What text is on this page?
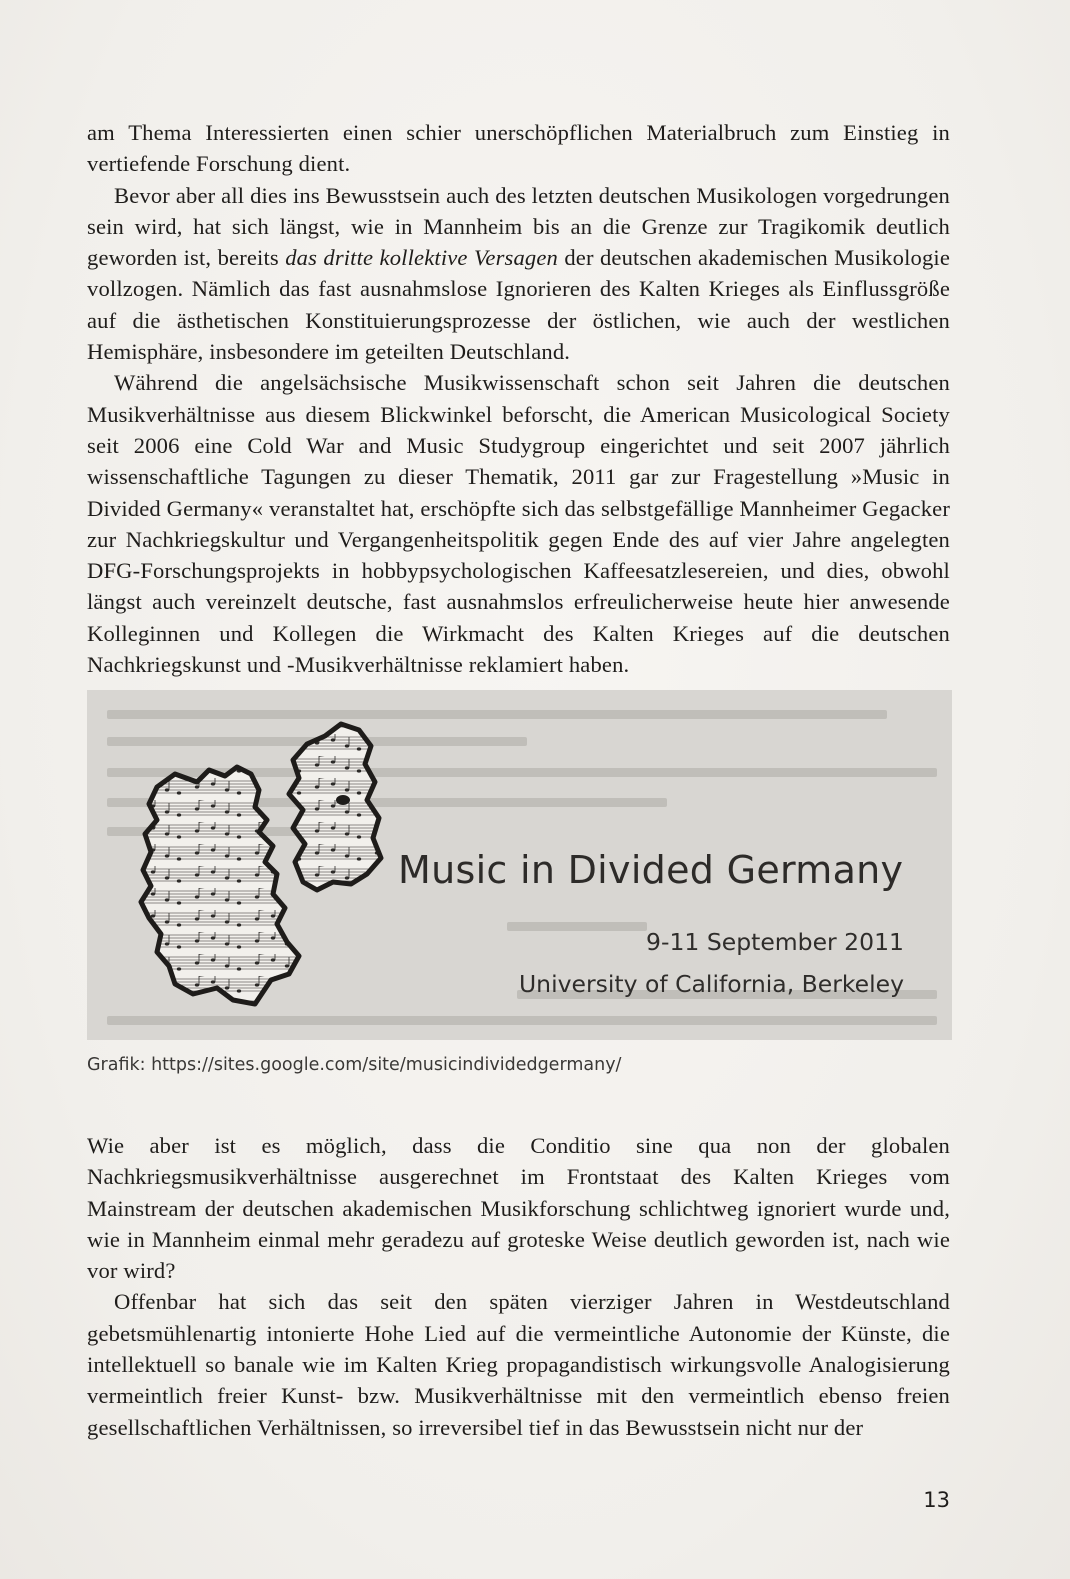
am Thema Interessierten einen schier unerschöpflichen Materialbruch zum Einstieg in vertiefende Forschung dient.

Bevor aber all dies ins Bewusstsein auch des letzten deutschen Musikologen vorgedrungen sein wird, hat sich längst, wie in Mannheim bis an die Grenze zur Tragikomik deutlich geworden ist, bereits das dritte kollektive Versagen der deutschen akademischen Musikologie vollzogen. Nämlich das fast ausnahmslose Ignorieren des Kalten Krieges als Einflussgröße auf die ästhetischen Konstituierungsprozesse der östlichen, wie auch der westlichen Hemisphäre, insbesondere im geteilten Deutschland.

Während die angelsächsische Musikwissenschaft schon seit Jahren die deutschen Musikverhältnisse aus diesem Blickwinkel beforscht, die American Musicological Society seit 2006 eine Cold War and Music Studygroup eingerichtet und seit 2007 jährlich wissenschaftliche Tagungen zu dieser Thematik, 2011 gar zur Fragestellung »Music in Divided Germany« veranstaltet hat, erschöpfte sich das selbstgefällige Mannheimer Gegacker zur Nachkriegskultur und Vergangenheitspolitik gegen Ende des auf vier Jahre angelegten DFG-Forschungsprojekts in hobbypsychologischen Kaffeesatzlesereien, und dies, obwohl längst auch vereinzelt deutsche, fast ausnahmslos erfreulicherweise heute hier anwesende Kolleginnen und Kollegen die Wirkmacht des Kalten Krieges auf die deutschen Nachkriegskunst und -Musikverhältnisse reklamiert haben.

Music in Divided Germany
9-11 September 2011
University of California, Berkeley
Grafik: https://sites.google.com/site/musicindividedgermany/

Wie aber ist es möglich, dass die Conditio sine qua non der globalen Nachkriegsmusikverhältnisse ausgerechnet im Frontstaat des Kalten Krieges vom Mainstream der deutschen akademischen Musikforschung schlichtweg ignoriert wurde und, wie in Mannheim einmal mehr geradezu auf groteske Weise deutlich geworden ist, nach wie vor wird?

Offenbar hat sich das seit den späten vierziger Jahren in Westdeutschland gebetsmühlenartig intonierte Hohe Lied auf die vermeintliche Autonomie der Künste, die intellektuell so banale wie im Kalten Krieg propagandistisch wirkungsvolle Analogisierung vermeintlich freier Kunst- bzw. Musikverhältnisse mit den vermeintlich ebenso freien gesellschaftlichen Verhältnissen, so irreversibel tief in das Bewusstsein nicht nur der

13
